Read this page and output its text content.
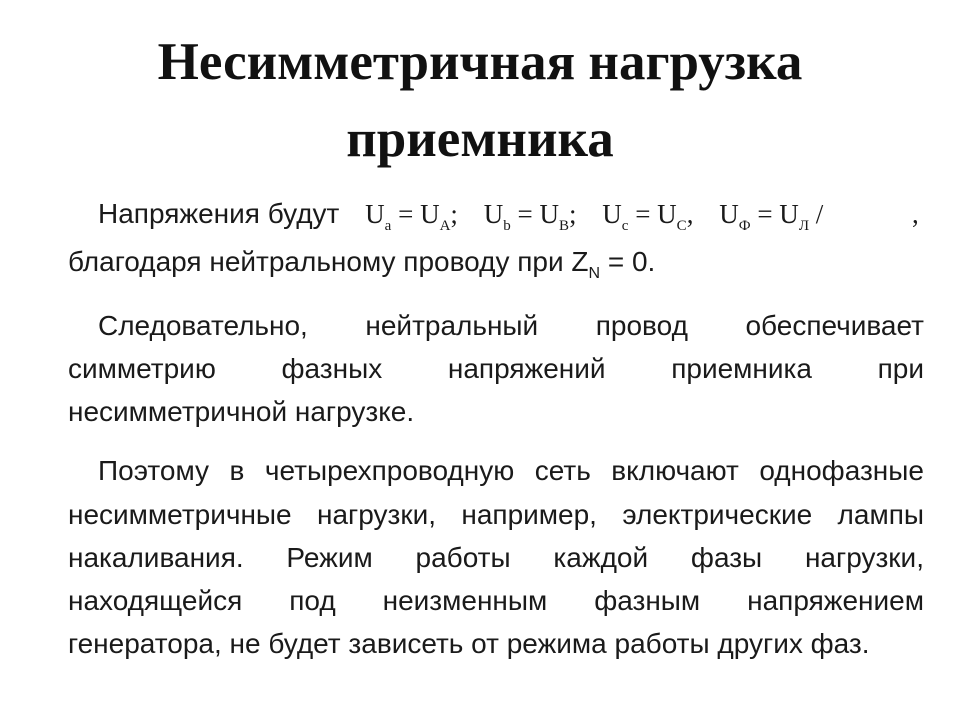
Несимметричная нагрузка
приемника
Напряжения будут $U_a = U_A$; $U_b = U_B$; $U_c = U_C$, $U_Ф = U_Л$ /	,
благодаря нейтральному проводу при $Z_N = 0$.
Следовательно, нейтральный провод обеспечивает
симметрию фазных напряжений приемника при
несимметричной нагрузке.
Поэтому в четырехпроводную сеть включают однофазные
несимметричные нагрузки, например, электрические лампы
накаливания. Режим работы каждой фазы нагрузки,
находящейся под неизменным фазным напряжением
генератора, не будет зависеть от режима работы других фаз.
